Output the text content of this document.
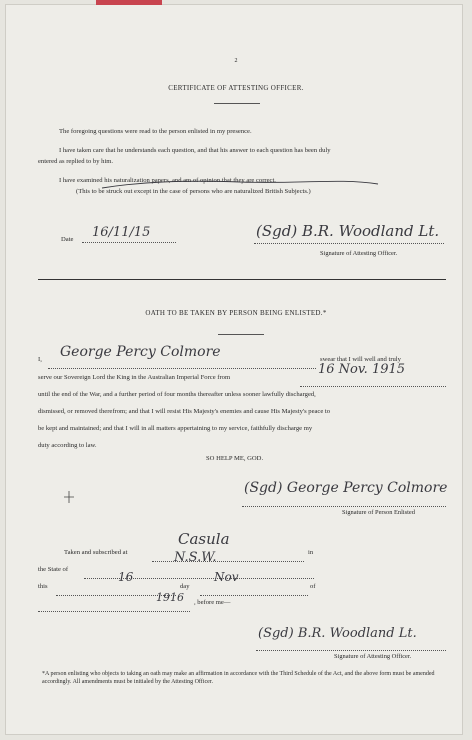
2
CERTIFICATE OF ATTESTING OFFICER.
The foregoing questions were read to the person enlisted in my presence.
I have taken care that he understands each question, and that his answer to each question has been duly
entered as replied to by him.
I have examined his naturalization papers, and am of opinion that they are correct.
(This to be struck out except in the case of persons who are naturalized British Subjects.)
Date 16/11/15	(Sgd) B.R. Woodland Lt.
Signature of Attesting Officer.
OATH TO BE TAKEN BY PERSON BEING ENLISTED.*
I, George Percy Colmore	swear that I will well and truly
serve our Sovereign Lord the King in the Australian Imperial Force from
16 Nov. 1915
until the end of the War, and a further period of four months thereafter unless sooner lawfully discharged,
dismissed, or removed therefrom; and that I will resist His Majesty's enemies and cause His Majesty's peace to
be kept and maintained; and that I will in all matters appertaining to my service, faithfully discharge my
duty according to law.
SO HELP ME, GOD.
(Sgd) George Percy Colmore
Signature of Person Enlisted
Taken and subscribed at
Casula
in
the State of
N.S.W.
this
16
day
Nov
of
1916 , before me—
(Sgd) B.R. Woodland Lt.
Signature of Attesting Officer.
*A person enlisting who objects to taking an oath may make an affirmation in accordance with the Third Schedule of the Act, and the above form must be amended accordingly. All amendments must be initialed by the Attesting Officer.
